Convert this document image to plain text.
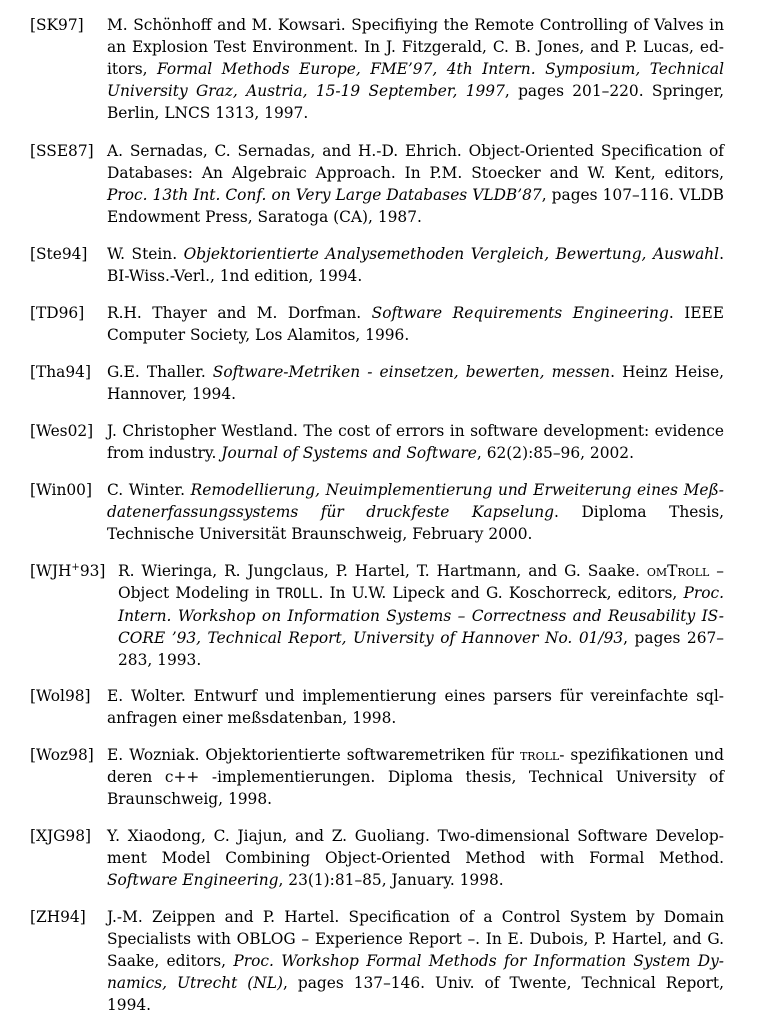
[SK97] M. Schönhoff and M. Kowsari. Specifiying the Remote Controlling of Valves in an Explosion Test Environment. In J. Fitzgerald, C. B. Jones, and P. Lucas, editors, Formal Methods Europe, FME’97, 4th Intern. Symposium, Technical University Graz, Austria, 15-19 September, 1997, pages 201–220. Springer, Berlin, LNCS 1313, 1997.
[SSE87] A. Sernadas, C. Sernadas, and H.-D. Ehrich. Object-Oriented Specification of Databases: An Algebraic Approach. In P.M. Stoecker and W. Kent, editors, Proc. 13th Int. Conf. on Very Large Databases VLDB’87, pages 107–116. VLDB Endowment Press, Saratoga (CA), 1987.
[Ste94] W. Stein. Objektorientierte Analysemethoden Vergleich, Bewertung, Auswahl. BI-Wiss.-Verl., 1nd edition, 1994.
[TD96] R.H. Thayer and M. Dorfman. Software Requirements Engineering. IEEE Computer Society, Los Alamitos, 1996.
[Tha94] G.E. Thaller. Software-Metriken - einsetzen, bewerten, messen. Heinz Heise, Hannover, 1994.
[Wes02] J. Christopher Westland. The cost of errors in software development: evidence from industry. Journal of Systems and Software, 62(2):85–96, 2002.
[Win00] C. Winter. Remodellierung, Neuimplementierung und Erweiterung eines Meßdatenerfassungssystems für druckfeste Kapselung. Diploma Thesis, Technische Universität Braunschweig, February 2000.
[WJH+93] R. Wieringa, R. Jungclaus, P. Hartel, T. Hartmann, and G. Saake. omTroll – Object Modeling in TROLL. In U.W. Lipeck and G. Koschorreck, editors, Proc. Intern. Workshop on Information Systems – Correctness and Reusability IS-CORE ’93, Technical Report, University of Hannover No. 01/93, pages 267–283, 1993.
[Wol98] E. Wolter. Entwurf und implementierung eines parsers für vereinfachte sqlanfragen einer meßsdatenban, 1998.
[Woz98] E. Wozniak. Objektorientierte softwaremetriken für troll- spezifikationen und deren c++ -implementierungen. Diploma thesis, Technical University of Braunschweig, 1998.
[XJG98] Y. Xiaodong, C. Jiajun, and Z. Guoliang. Two-dimensional Software Development Model Combining Object-Oriented Method with Formal Method. Software Engineering, 23(1):81–85, January. 1998.
[ZH94] J.-M. Zeippen and P. Hartel. Specification of a Control System by Domain Specialists with OBLOG – Experience Report –. In E. Dubois, P. Hartel, and G. Saake, editors, Proc. Workshop Formal Methods for Information System Dynamics, Utrecht (NL), pages 137–146. Univ. of Twente, Technical Report, 1994.
